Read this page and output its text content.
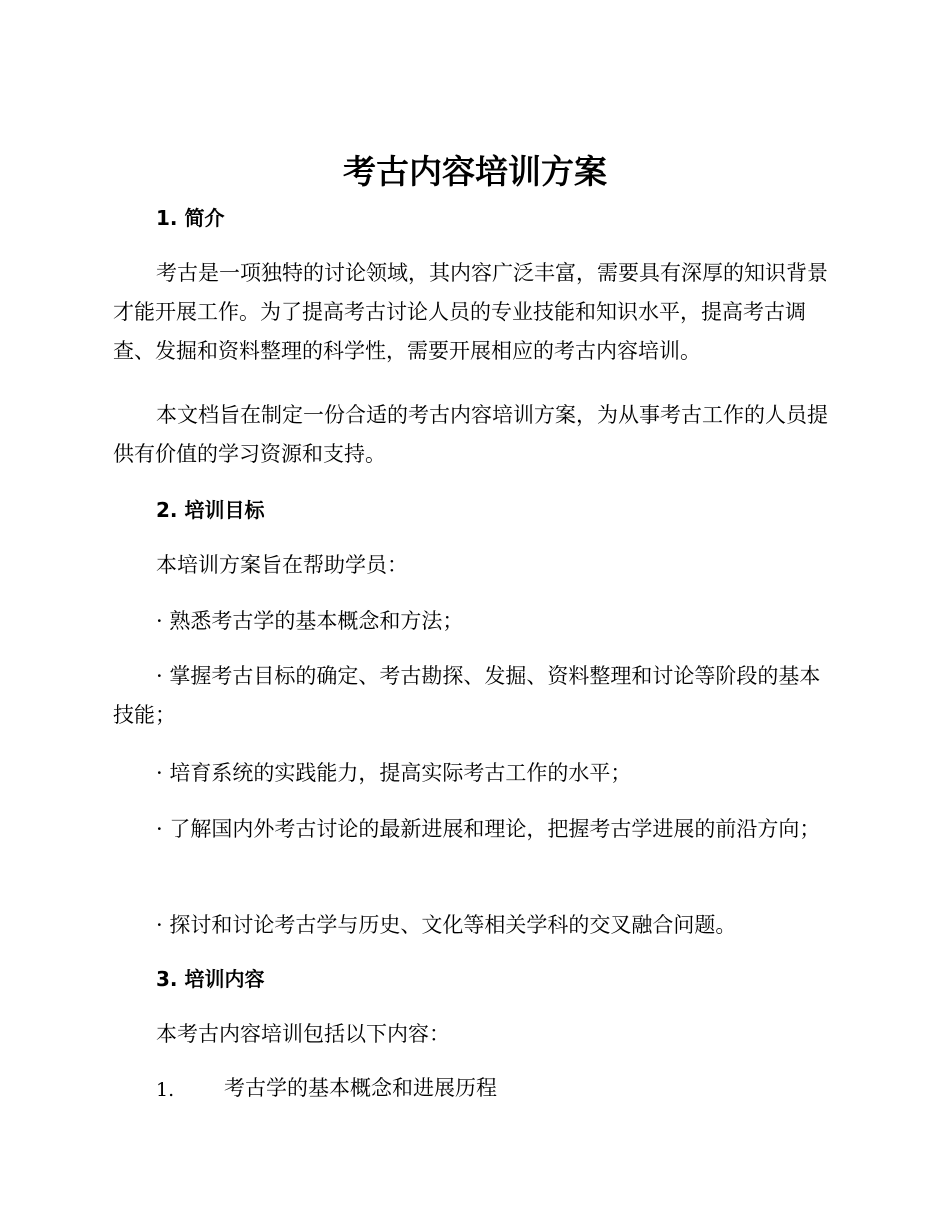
考古内容培训方案
1. 简介

考古是一项独特的讨论领域，其内容广泛丰富，需要具有深厚的知识背景才能开展工作。为了提高考古讨论人员的专业技能和知识水平，提高考古调查、发掘和资料整理的科学性，需要开展相应的考古内容培训。

本文档旨在制定一份合适的考古内容培训方案，为从事考古工作的人员提供有价值的学习资源和支持。

2. 培训目标

本培训方案旨在帮助学员：

· 熟悉考古学的基本概念和方法；

· 掌握考古目标的确定、考古勘探、发掘、资料整理和讨论等阶段的基本技能；

· 培育系统的实践能力，提高实际考古工作的水平；

· 了解国内外考古讨论的最新进展和理论，把握考古学进展的前沿方向；

· 探讨和讨论考古学与历史、文化等相关学科的交叉融合问题。

3. 培训内容

本考古内容培训包括以下内容：

1. 考古学的基本概念和进展历程
